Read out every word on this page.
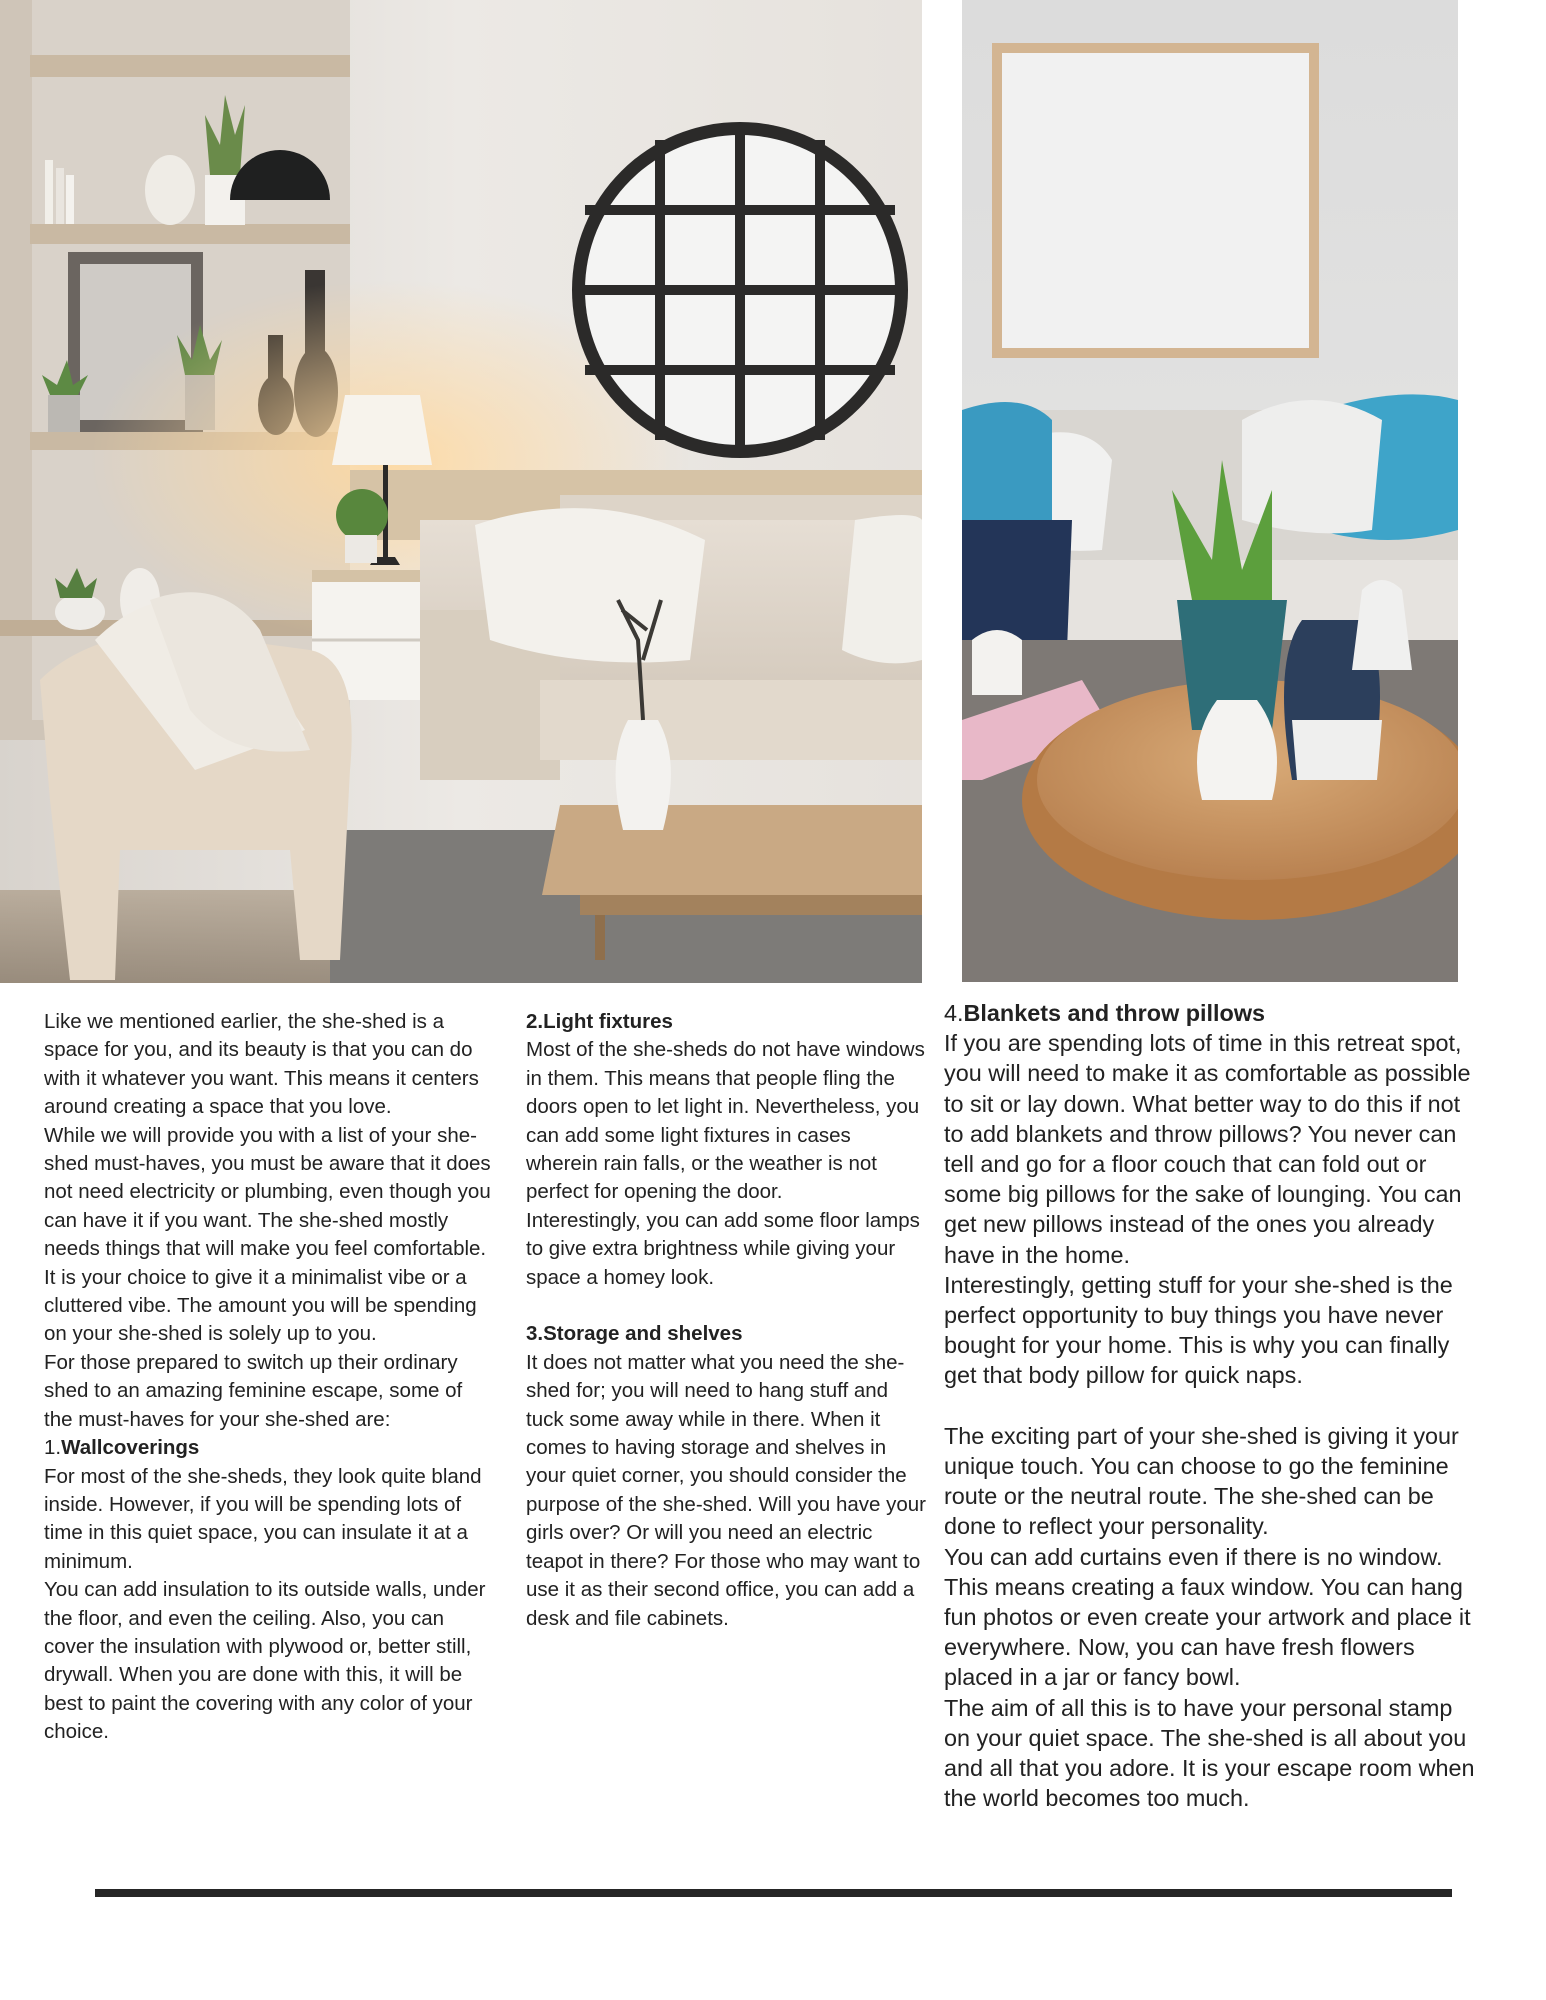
Like we mentioned earlier, the she-shed is a space for you, and its beauty is that you can do with it whatever you want. This means it centers around creating a space that you love.

While we will provide you with a list of your she-shed must-haves, you must be aware that it does not need electricity or plumbing, even though you can have it if you want. The she-shed mostly needs things that will make you feel comfortable.

It is your choice to give it a minimalist vibe or a cluttered vibe. The amount you will be spending on your she-shed is solely up to you.

For those prepared to switch up their ordinary shed to an amazing feminine escape, some of the must-haves for your she-shed are:

1.Wallcoverings

For most of the she-sheds, they look quite bland inside. However, if you will be spending lots of time in this quiet space, you can insulate it at a minimum.

You can add insulation to its outside walls, under the floor, and even the ceiling. Also, you can cover the insulation with plywood or, better still, drywall. When you are done with this, it will be best to paint the covering with any color of your choice.

2.Light fixtures

Most of the she-sheds do not have windows in them. This means that people fling the doors open to let light in. Nevertheless, you can add some light fixtures in cases wherein rain falls, or the weather is not perfect for opening the door.

Interestingly, you can add some floor lamps to give extra brightness while giving your space a homey look.

3.Storage and shelves

It does not matter what you need the she-shed for; you will need to hang stuff and tuck some away while in there. When it comes to having storage and shelves in your quiet corner, you should consider the purpose of the she-shed. Will you have your girls over? Or will you need an electric teapot in there? For those who may want to use it as their second office, you can add a desk and file cabinets.

4.Blankets and throw pillows

If you are spending lots of time in this retreat spot, you will need to make it as comfortable as possible to sit or lay down. What better way to do this if not to add blankets and throw pillows? You never can tell and go for a floor couch that can fold out or some big pillows for the sake of lounging. You can get new pillows instead of the ones you already have in the home.

Interestingly, getting stuff for your she-shed is the perfect opportunity to buy things you have never bought for your home. This is why you can finally get that body pillow for quick naps.

The exciting part of your she-shed is giving it your unique touch. You can choose to go the feminine route or the neutral route. The she-shed can be done to reflect your personality.

You can add curtains even if there is no window. This means creating a faux window. You can hang fun photos or even create your artwork and place it everywhere. Now, you can have fresh flowers placed in a jar or fancy bowl.

The aim of all this is to have your personal stamp on your quiet space. The she-shed is all about you and all that you adore. It is your escape room when the world becomes too much.
